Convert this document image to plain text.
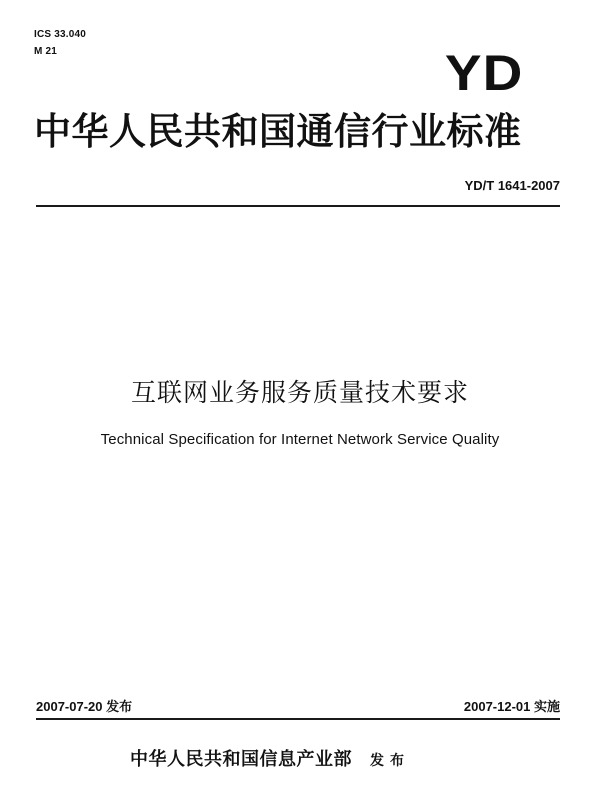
ICS 33.040
M 21	YD
中华人民共和国通信行业标准
YD/T 1641-2007
互联网业务服务质量技术要求
Technical Specification for Internet Network Service Quality
2007-07-20 发布	2007-12-01 实施
中华人民共和国信息产业部 发布
